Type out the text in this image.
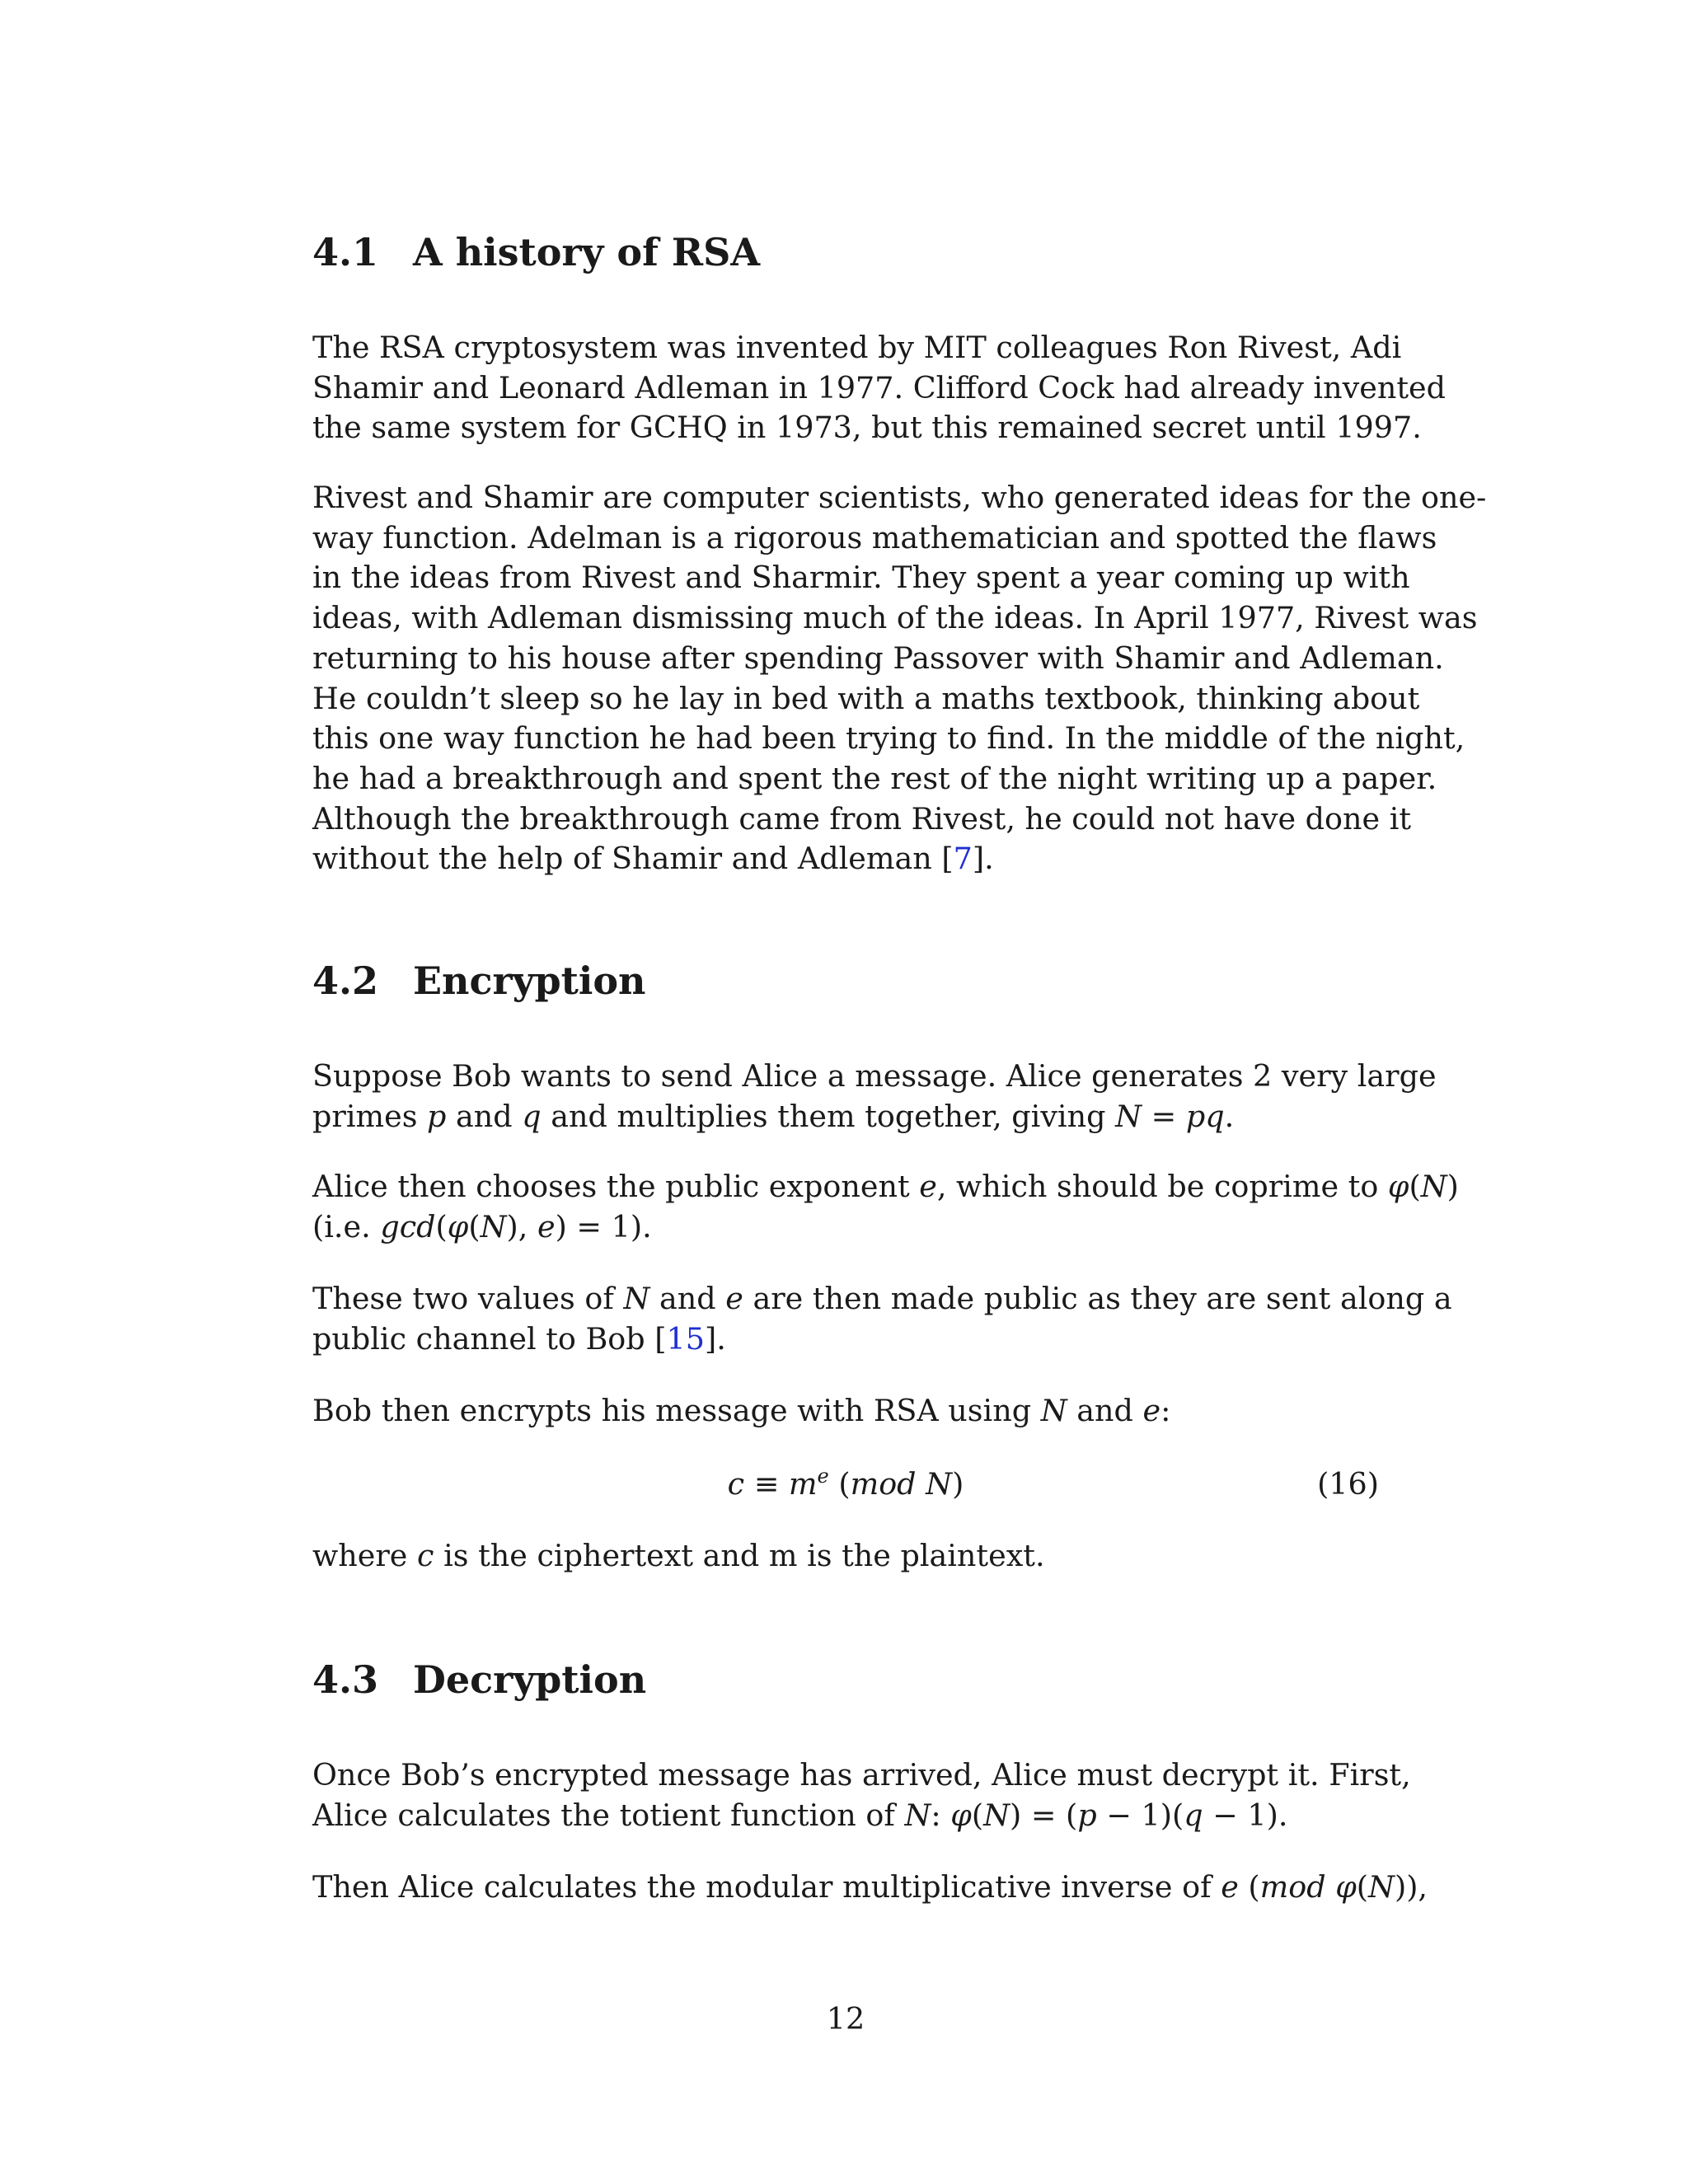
4.1 A history of RSA
The RSA cryptosystem was invented by MIT colleagues Ron Rivest, Adi
Shamir and Leonard Adleman in 1977. Clifford Cock had already invented
the same system for GCHQ in 1973, but this remained secret until 1997.
Rivest and Shamir are computer scientists, who generated ideas for the one-
way function. Adelman is a rigorous mathematician and spotted the flaws
in the ideas from Rivest and Sharmir. They spent a year coming up with
ideas, with Adleman dismissing much of the ideas. In April 1977, Rivest was
returning to his house after spending Passover with Shamir and Adleman.
He couldn’t sleep so he lay in bed with a maths textbook, thinking about
this one way function he had been trying to find. In the middle of the night,
he had a breakthrough and spent the rest of the night writing up a paper.
Although the breakthrough came from Rivest, he could not have done it
without the help of Shamir and Adleman [7].
4.2 Encryption
Suppose Bob wants to send Alice a message. Alice generates 2 very large
primes p and q and multiplies them together, giving N = pq.
Alice then chooses the public exponent e, which should be coprime to φ(N)
(i.e. gcd(φ(N), e) = 1).
These two values of N and e are then made public as they are sent along a
public channel to Bob [15].
Bob then encrypts his message with RSA using N and e:
$c \equiv m^e$ (mod N)	(16)
where c is the ciphertext and m is the plaintext.
4.3 Decryption
Once Bob’s encrypted message has arrived, Alice must decrypt it. First,
Alice calculates the totient function of N: φ(N) = (p − 1)(q − 1).
Then Alice calculates the modular multiplicative inverse of e (mod φ(N)),
12
